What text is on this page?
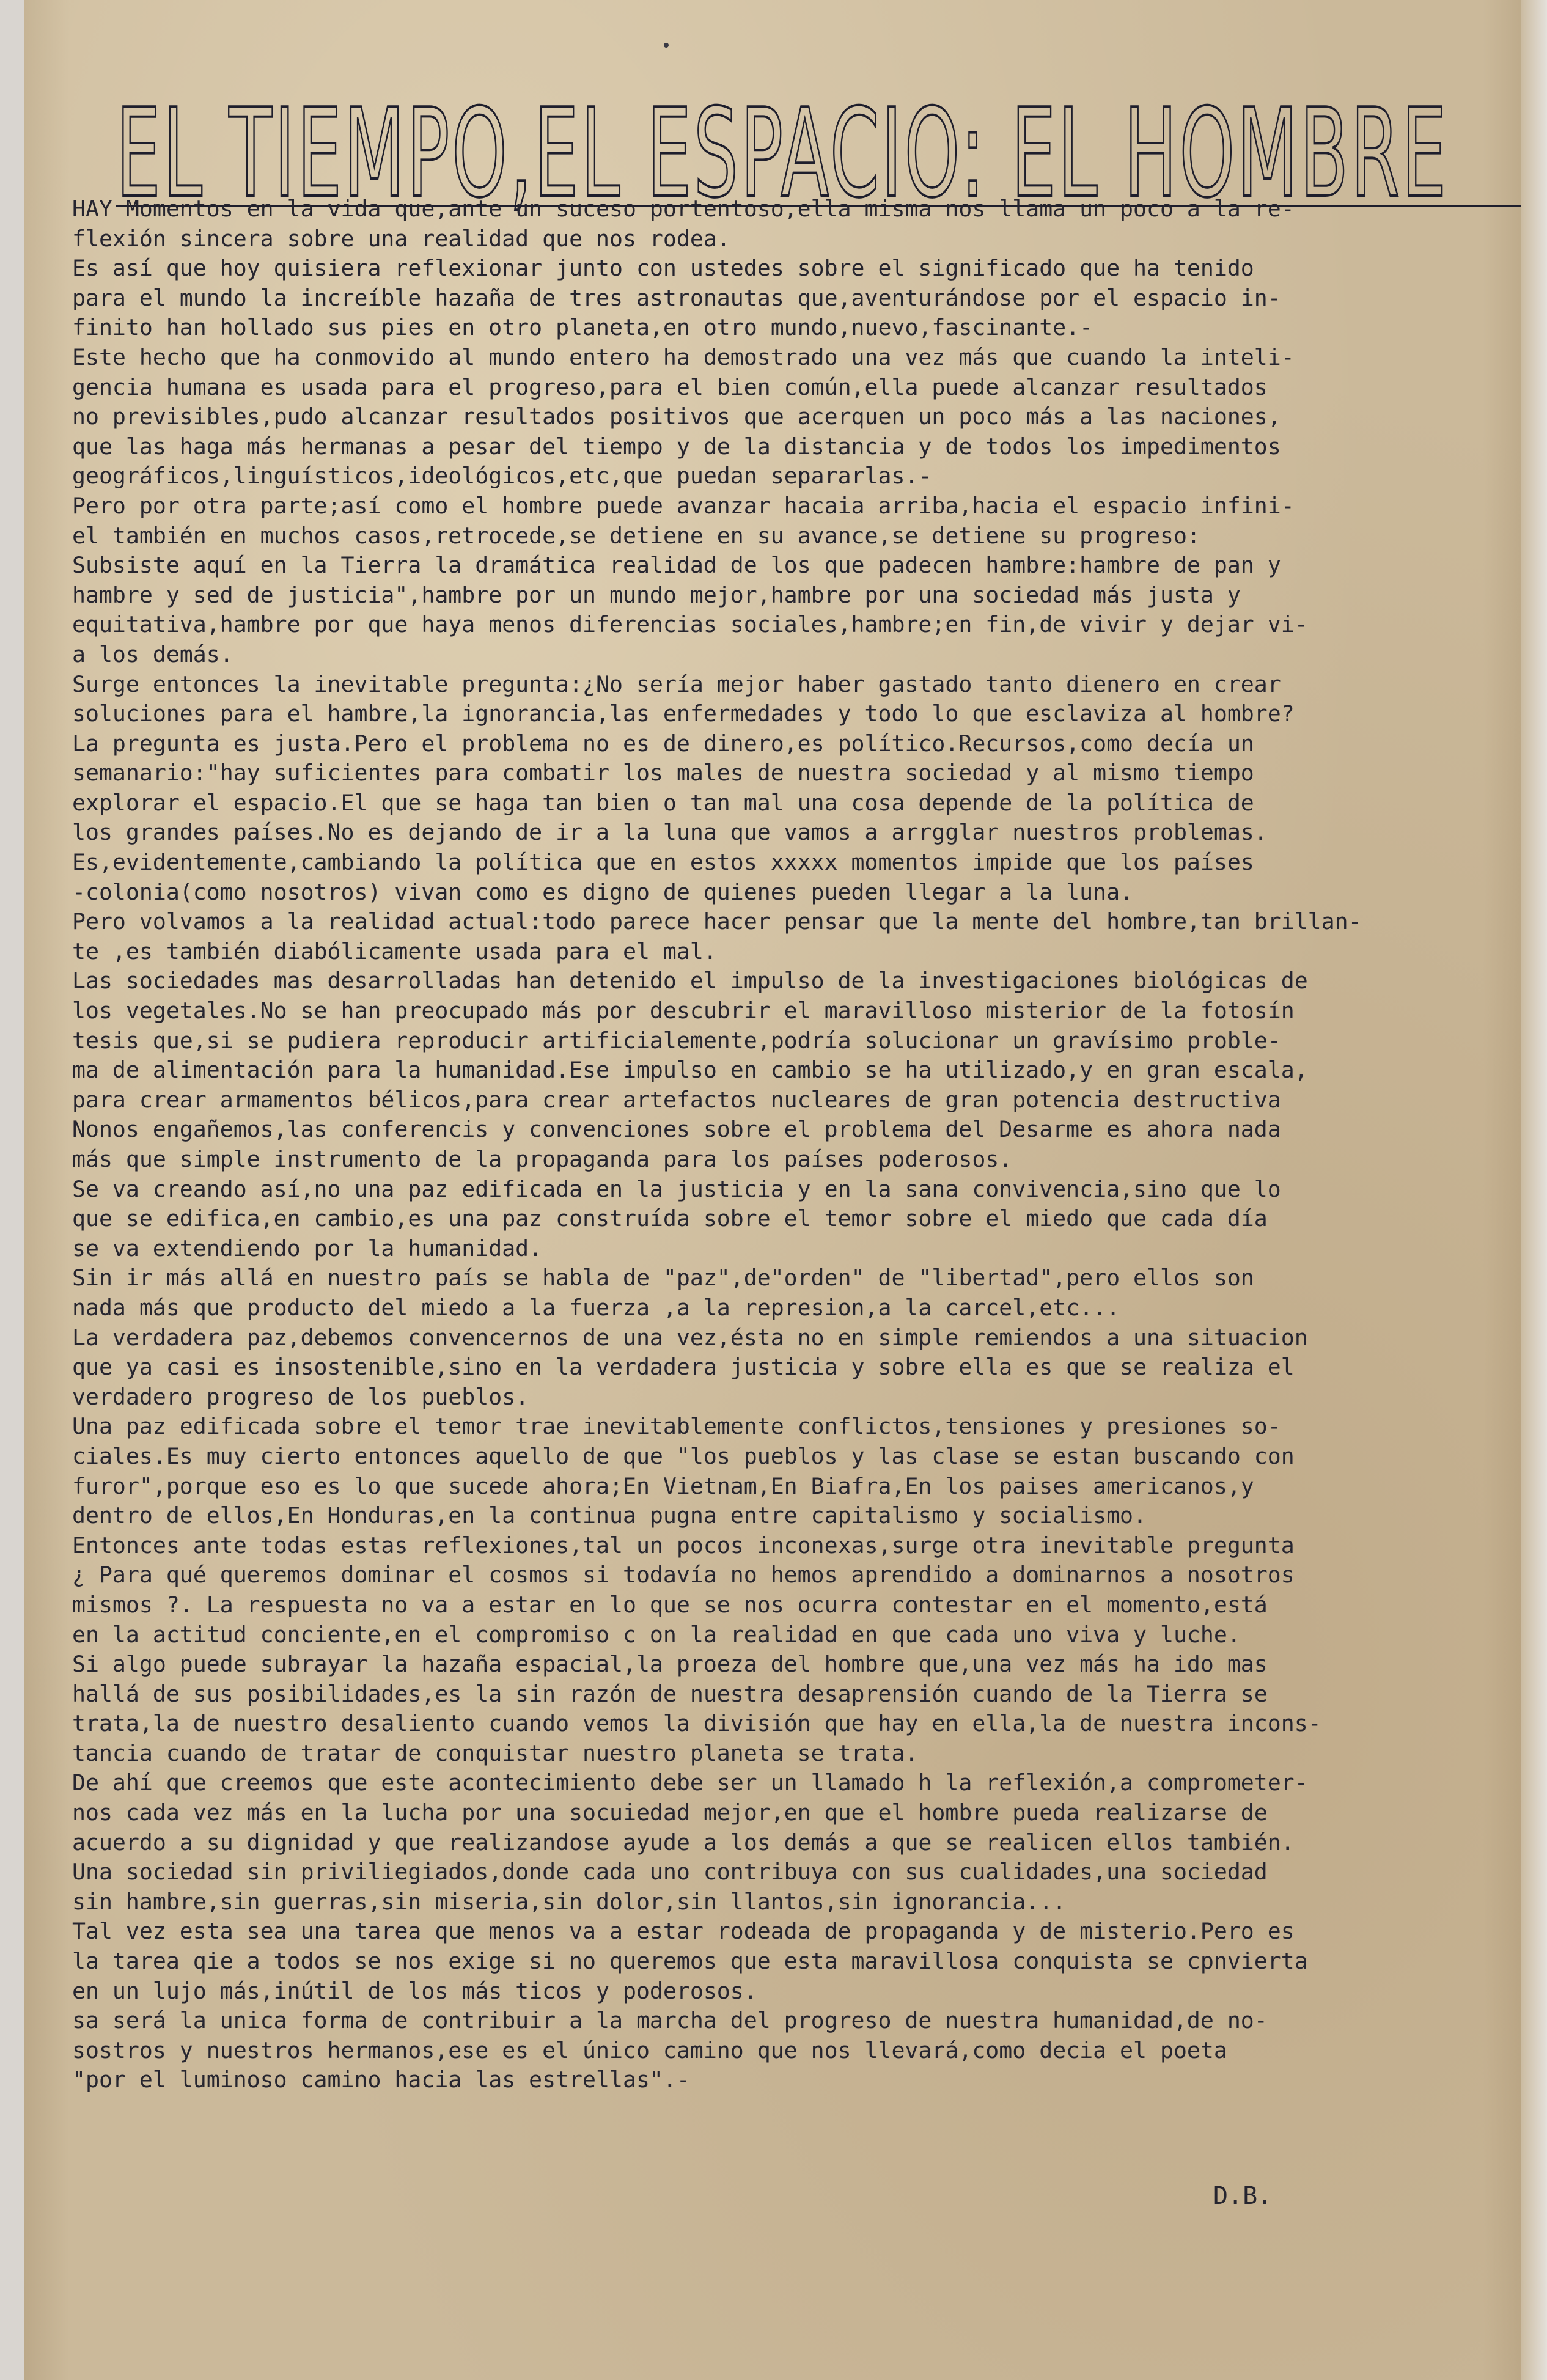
EL TIEMPO,EL ESPACIO: EL HOMBRE
HAY Momentos en la vida que,ante un suceso portentoso,ella misma nos llama un poco a la re-
flexión sincera sobre una realidad que nos rodea.
Es así que hoy quisiera reflexionar junto con ustedes sobre el significado que ha tenido
para el mundo la increíble hazaña de tres astronautas que,aventurándose por el espacio in-
finito han hollado sus pies en otro planeta,en otro mundo,nuevo,fascinante.-
Este hecho que ha conmovido al mundo entero ha demostrado una vez más que cuando la inteli-
gencia humana es usada para el progreso,para el bien común,ella puede alcanzar resultados
no previsibles,pudo alcanzar resultados positivos que acerquen un poco más a las naciones,
que las haga más hermanas a pesar del tiempo y de la distancia y de todos los impedimentos
geográficos,linguísticos,ideológicos,etc,que puedan separarlas.-
Pero por otra parte;así como el hombre puede avanzar hacaia arriba,hacia el espacio infini-
el también en muchos casos,retrocede,se detiene en su avance,se detiene su progreso:
Subsiste aquí en la Tierra la dramática realidad de los que padecen hambre:hambre de pan y
hambre y sed de justicia",hambre por un mundo mejor,hambre por una sociedad más justa y
equitativa,hambre por que haya menos diferencias sociales,hambre;en fin,de vivir y dejar vi-
a los demás.
Surge entonces la inevitable pregunta:¿No sería mejor haber gastado tanto dienero en crear
soluciones para el hambre,la ignorancia,las enfermedades y todo lo que esclaviza al hombre?
La pregunta es justa.Pero el problema no es de dinero,es político.Recursos,como decía un
semanario:"hay suficientes para combatir los males de nuestra sociedad y al mismo tiempo
explorar el espacio.El que se haga tan bien o tan mal una cosa depende de la política de
los grandes países.No es dejando de ir a la luna que vamos a arrgglar nuestros problemas.
Es,evidentemente,cambiando la política que en estos xxxxx momentos impide que los países
-colonia(como nosotros) vivan como es digno de quienes pueden llegar a la luna.
Pero volvamos a la realidad actual:todo parece hacer pensar que la mente del hombre,tan brillan-
te ,es también diabólicamente usada para el mal.
Las sociedades mas desarrolladas han detenido el impulso de la investigaciones biológicas de
los vegetales.No se han preocupado más por descubrir el maravilloso misterior de la fotosín
tesis que,si se pudiera reproducir artificialemente,podría solucionar un gravísimo proble-
ma de alimentación para la humanidad.Ese impulso en cambio se ha utilizado,y en gran escala,
para crear armamentos bélicos,para crear artefactos nucleares de gran potencia destructiva
Nonos engañemos,las conferencis y convenciones sobre el problema del Desarme es ahora nada
más que simple instrumento de la propaganda para los países poderosos.
Se va creando así,no una paz edificada en la justicia y en la sana convivencia,sino que lo
que se edifica,en cambio,es una paz construída sobre el temor sobre el miedo que cada día
se va extendiendo por la humanidad.
Sin ir más allá en nuestro país se habla de "paz",de"orden" de "libertad",pero ellos son
nada más que producto del miedo a la fuerza ,a la represion,a la carcel,etc...
La verdadera paz,debemos convencernos de una vez,ésta no en simple remiendos a una situacion
que ya casi es insostenible,sino en la verdadera justicia y sobre ella es que se realiza el
verdadero progreso de los pueblos.
Una paz edificada sobre el temor trae inevitablemente conflictos,tensiones y presiones so-
ciales.Es muy cierto entonces aquello de que "los pueblos y las clase se estan buscando con
furor",porque eso es lo que sucede ahora;En Vietnam,En Biafra,En los paises americanos,y
dentro de ellos,En Honduras,en la continua pugna entre capitalismo y socialismo.
Entonces ante todas estas reflexiones,tal un pocos inconexas,surge otra inevitable pregunta
¿ Para qué queremos dominar el cosmos si todavía no hemos aprendido a dominarnos a nosotros
mismos ?. La respuesta no va a estar en lo que se nos ocurra contestar en el momento,está
en la actitud conciente,en el compromiso c on la realidad en que cada uno viva y luche.
Si algo puede subrayar la hazaña espacial,la proeza del hombre que,una vez más ha ido mas
hallá de sus posibilidades,es la sin razón de nuestra desaprensión cuando de la Tierra se
trata,la de nuestro desaliento cuando vemos la división que hay en ella,la de nuestra incons-
tancia cuando de tratar de conquistar nuestro planeta se trata.
De ahí que creemos que este acontecimiento debe ser un llamado h la reflexión,a comprometer-
nos cada vez más en la lucha por una socuiedad mejor,en que el hombre pueda realizarse de
acuerdo a su dignidad y que realizandose ayude a los demás a que se realicen ellos también.
Una sociedad sin priviliegiados,donde cada uno contribuya con sus cualidades,una sociedad
sin hambre,sin guerras,sin miseria,sin dolor,sin llantos,sin ignorancia...
Tal vez esta sea una tarea que menos va a estar rodeada de propaganda y de misterio.Pero es
la tarea qie a todos se nos exige si no queremos que esta maravillosa conquista se cpnvierta
en un lujo más,inútil de los más ticos y poderosos.
sa será la unica forma de contribuir a la marcha del progreso de nuestra humanidad,de no-
sostros y nuestros hermanos,ese es el único camino que nos llevará,como decia el poeta
"por el luminoso camino hacia las estrellas".-
D.B.
